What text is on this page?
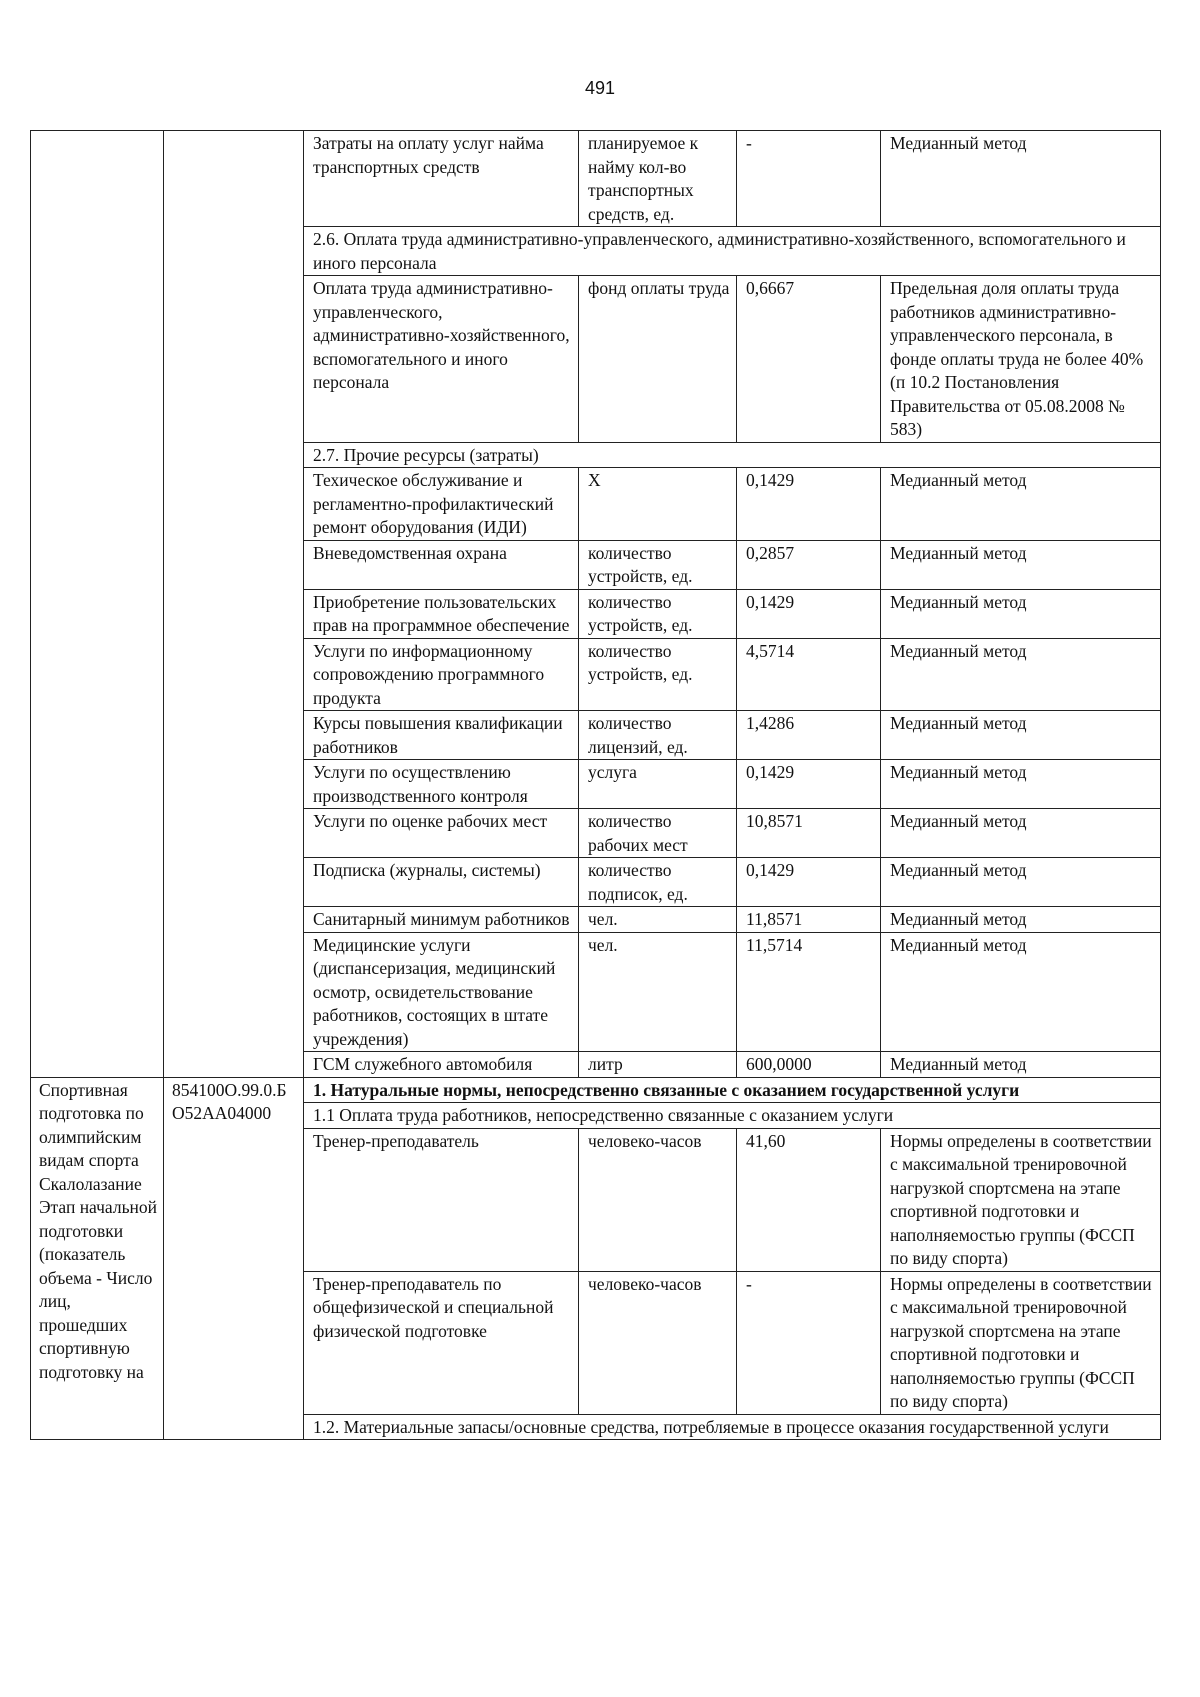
491
		Затраты на оплату услуг найма транспортных средств	планируемое к найму кол-во транспортных средств, ед.	-	Медианный метод
		2.6. Оплата труда административно-управленческого, административно-хозяйственного, вспомогательного и иного персонала			
		Оплата труда административно-управленческого, административно-хозяйственного, вспомогательного и иного персонала	фонд оплаты труда	0,6667	Предельная доля оплаты труда работников административно-управленческого персонала, в фонде оплаты труда не более 40% (п 10.2 Постановления Правительства от 05.08.2008 № 583)
		2.7. Прочие ресурсы (затраты)			
		Техическое обслуживание и регламентно-профилактический ремонт оборудования (ИДИ)	X	0,1429	Медианный метод
		Вневедомственная охрана	количество устройств, ед.	0,2857	Медианный метод
		Приобретение пользовательских прав на программное обеспечение	количество устройств, ед.	0,1429	Медианный метод
		Услуги по информационному сопровождению программного продукта	количество устройств, ед.	4,5714	Медианный метод
		Курсы повышения квалификации работников	количество лицензий, ед.	1,4286	Медианный метод
		Услуги по осуществлению производственного контроля	услуга	0,1429	Медианный метод
		Услуги по оценке рабочих мест	количество рабочих мест	10,8571	Медианный метод
		Подписка (журналы, системы)	количество подписок, ед.	0,1429	Медианный метод
		Санитарный минимум работников	чел.	11,8571	Медианный метод
		Медицинские услуги (диспансеризация, медицинский осмотр, освидетельствование работников, состоящих в штате учреждения)	чел.	11,5714	Медианный метод
		ГСМ служебного автомобиля	литр	600,0000	Медианный метод
Спортивная подготовка по олимпийским видам спорта Скалолазание Этап начальной подготовки (показатель объема - Число лиц, прошедших спортивную подготовку на	854100О.99.0.БО52АА04000	1. Натуральные нормы, непосредственно связанные с оказанием государственной услуги			
		1.1 Оплата труда работников, непосредственно связанные с оказанием услуги			
		Тренер-преподаватель	человеко-часов	41,60	Нормы определены в соответствии с максимальной тренировочной нагрузкой спортсмена на этапе спортивной подготовки и наполняемостью группы (ФССП по виду спорта)
		Тренер-преподаватель по общефизической и специальной физической подготовке	человеко-часов	-	Нормы определены в соответствии с максимальной тренировочной нагрузкой спортсмена на этапе спортивной подготовки и наполняемостью группы (ФССП по виду спорта)
		1.2. Материальные запасы/основные средства, потребляемые в процессе оказания государственной услуги			
